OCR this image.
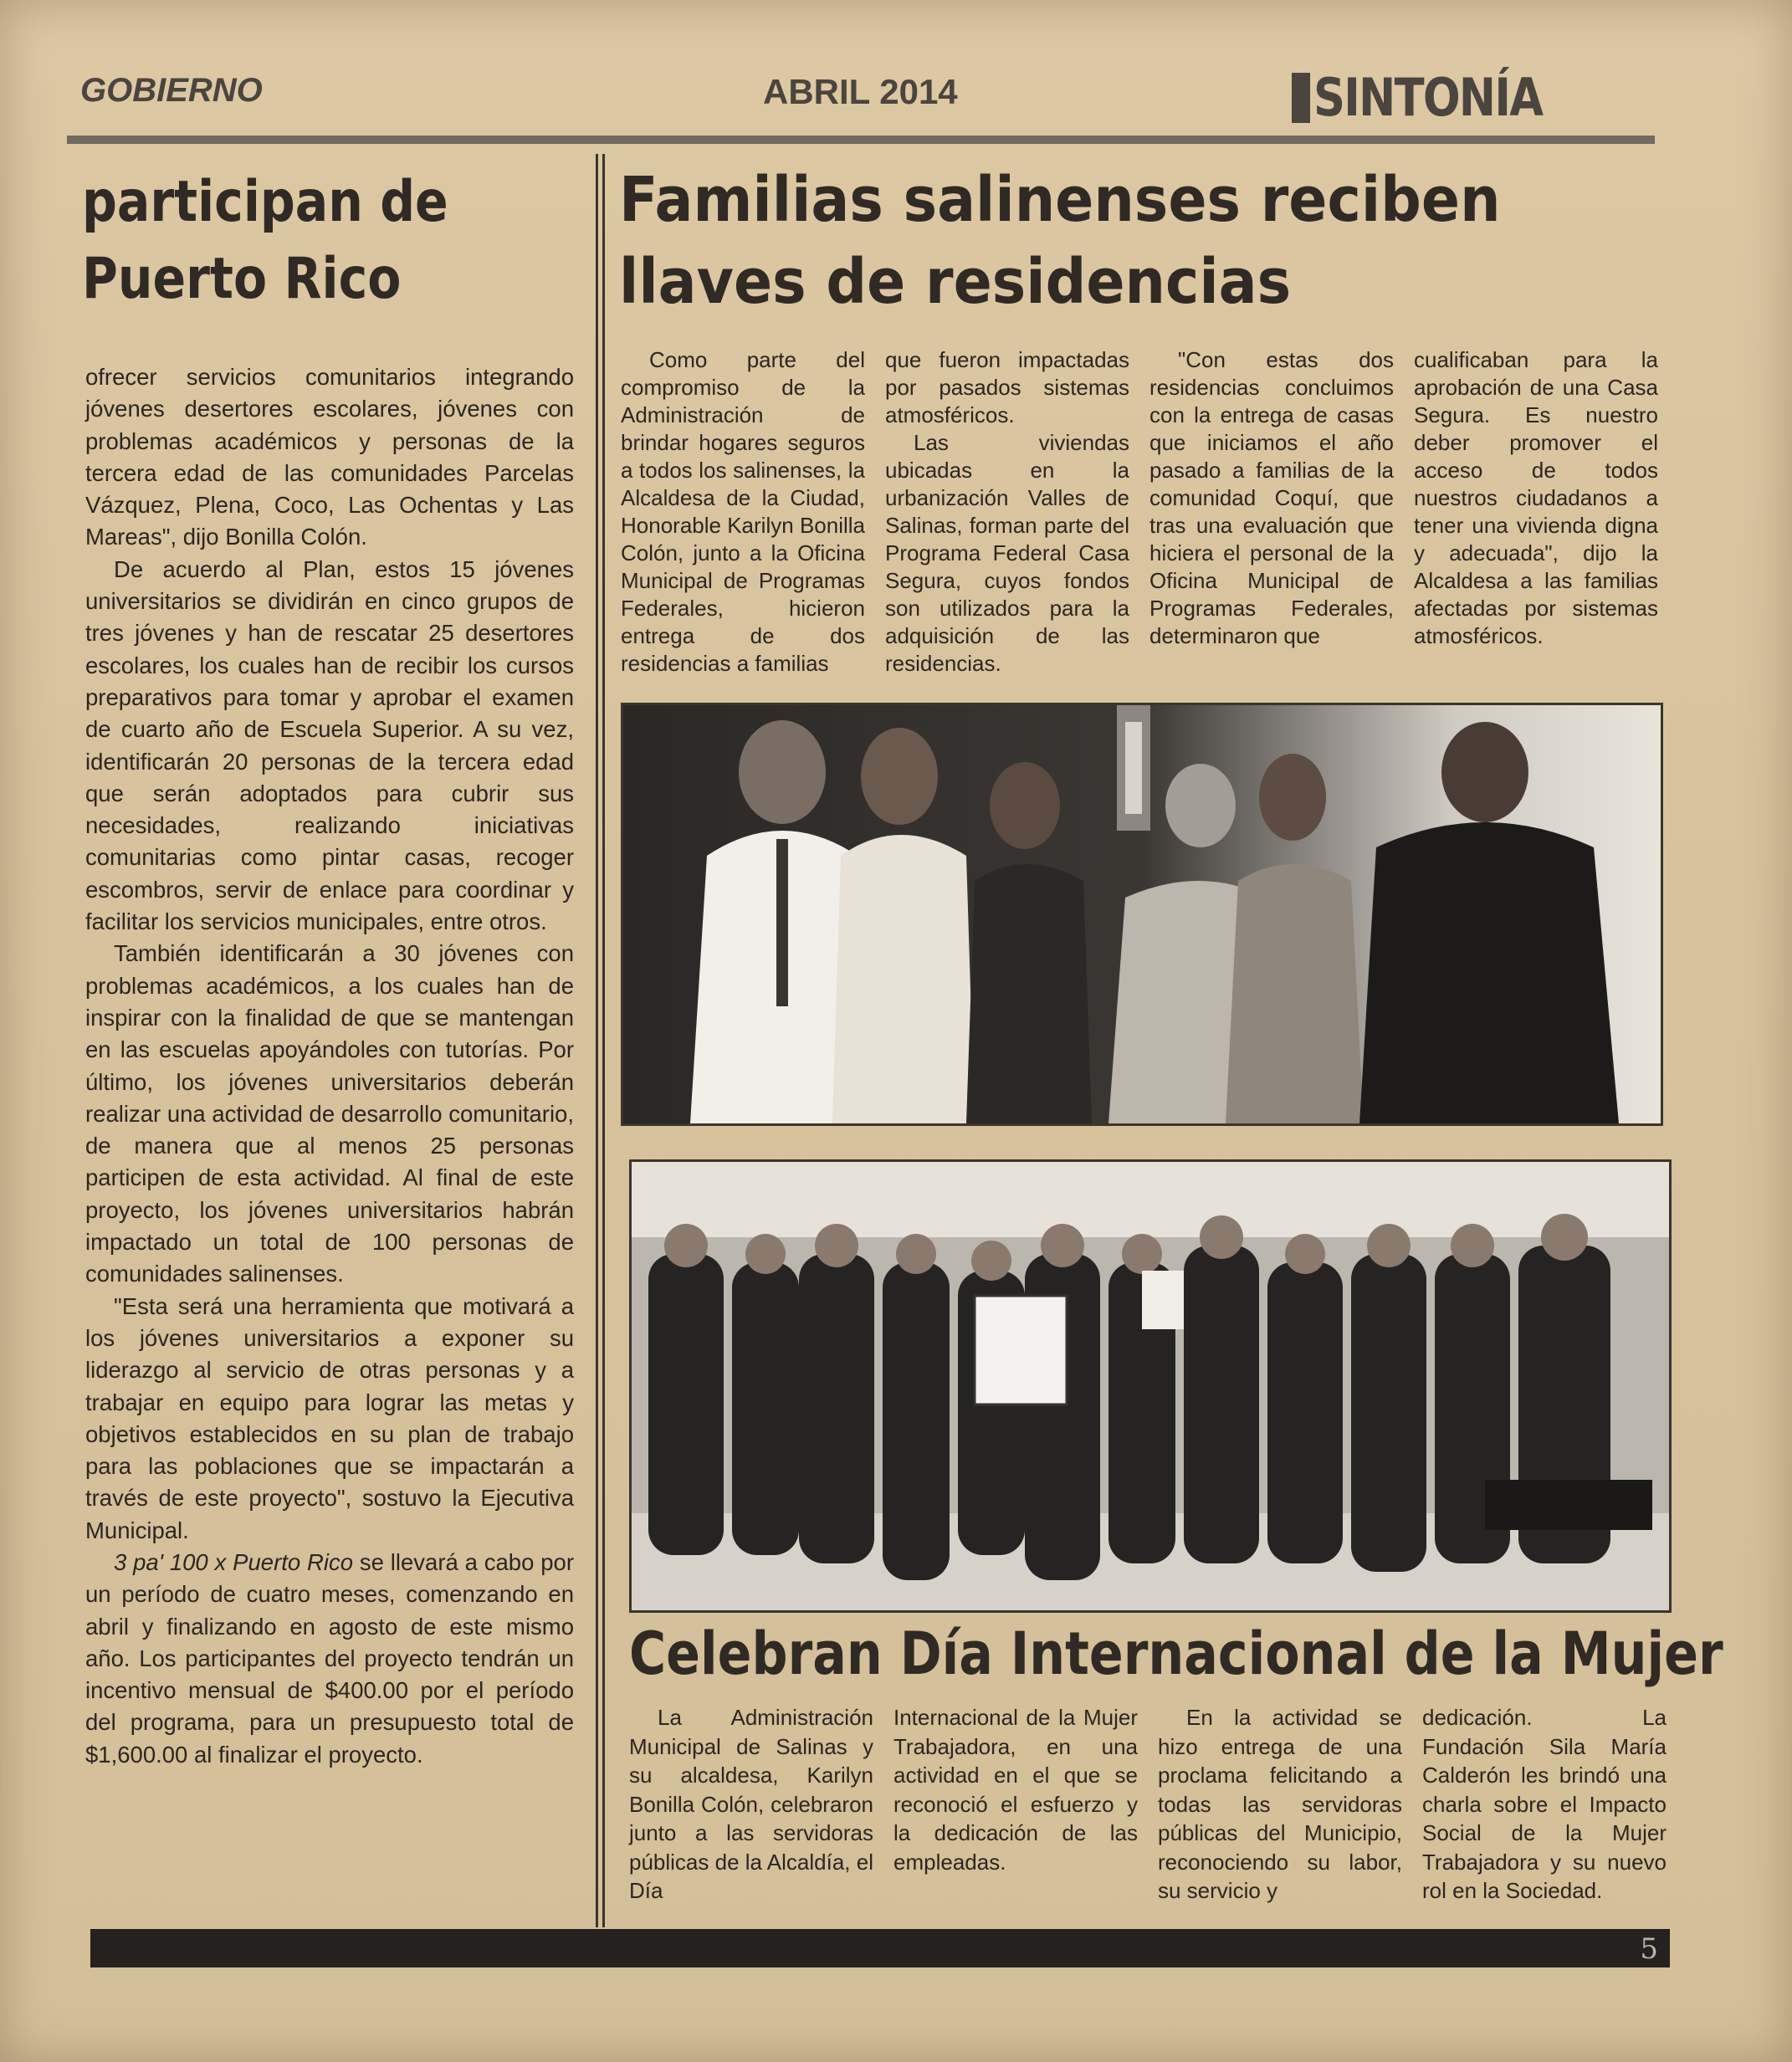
GOBIERNO	ABRIL 2014	SINTONÍA
participan de Puerto Rico

ofrecer servicios comunitarios integrando jóvenes desertores escolares, jóvenes con problemas académicos y personas de la tercera edad de las comunidades Parcelas Vázquez, Plena, Coco, Las Ochentas y Las Mareas", dijo Bonilla Colón.

De acuerdo al Plan, estos 15 jóvenes universitarios se dividirán en cinco grupos de tres jóvenes y han de rescatar 25 desertores escolares, los cuales han de recibir los cursos preparativos para tomar y aprobar el examen de cuarto año de Escuela Superior. A su vez, identificarán 20 personas de la tercera edad que serán adoptados para cubrir sus necesidades, realizando iniciativas comunitarias como pintar casas, recoger escombros, servir de enlace para coordinar y facilitar los servicios municipales, entre otros.

También identificarán a 30 jóvenes con problemas académicos, a los cuales han de inspirar con la finalidad de que se mantengan en las escuelas apoyándoles con tutorías. Por último, los jóvenes universitarios deberán realizar una actividad de desarrollo comunitario, de manera que al menos 25 personas participen de esta actividad. Al final de este proyecto, los jóvenes universitarios habrán impactado un total de 100 personas de comunidades salinenses.

"Esta será una herramienta que motivará a los jóvenes universitarios a exponer su liderazgo al servicio de otras personas y a trabajar en equipo para lograr las metas y objetivos establecidos en su plan de trabajo para las poblaciones que se impactarán a través de este proyecto", sostuvo la Ejecutiva Municipal.

3 pa' 100 x Puerto Rico se llevará a cabo por un período de cuatro meses, comenzando en abril y finalizando en agosto de este mismo año. Los participantes del proyecto tendrán un incentivo mensual de $400.00 por el período del programa, para un presupuesto total de $1,600.00 al finalizar el proyecto.

Familias salinenses reciben llaves de residencias

Como parte del compromiso de la Administración de brindar hogares seguros a todos los salinenses, la Alcaldesa de la Ciudad, Honorable Karilyn Bonilla Colón, junto a la Oficina Municipal de Programas Federales, hicieron entrega de dos residencias a familias

que fueron impactadas por pasados sistemas atmosféricos.

Las viviendas ubicadas en la urbanización Valles de Salinas, forman parte del Programa Federal Casa Segura, cuyos fondos son utilizados para la adquisición de las residencias.

"Con estas dos residencias concluimos con la entrega de casas que iniciamos el año pasado a familias de la comunidad Coquí, que tras una evaluación que hiciera el personal de la Oficina Municipal de Programas Federales, determinaron que

cualificaban para la aprobación de una Casa Segura. Es nuestro deber promover el acceso de todos nuestros ciudadanos a tener una vivienda digna y adecuada", dijo la Alcaldesa a las familias afectadas por sistemas atmosféricos.

Celebran Día Internacional de la Mujer

La Administración Municipal de Salinas y su alcaldesa, Karilyn Bonilla Colón, celebraron junto a las servidoras públicas de la Alcaldía, el Día

Internacional de la Mujer Trabajadora, en una actividad en el que se reconoció el esfuerzo y la dedicación de las empleadas.

En la actividad se hizo entrega de una proclama felicitando a todas las servidoras públicas del Municipio, reconociendo su labor, su servicio y

dedicación. La Fundación Sila María Calderón les brindó una charla sobre el Impacto Social de la Mujer Trabajadora y su nuevo rol en la Sociedad.

5
